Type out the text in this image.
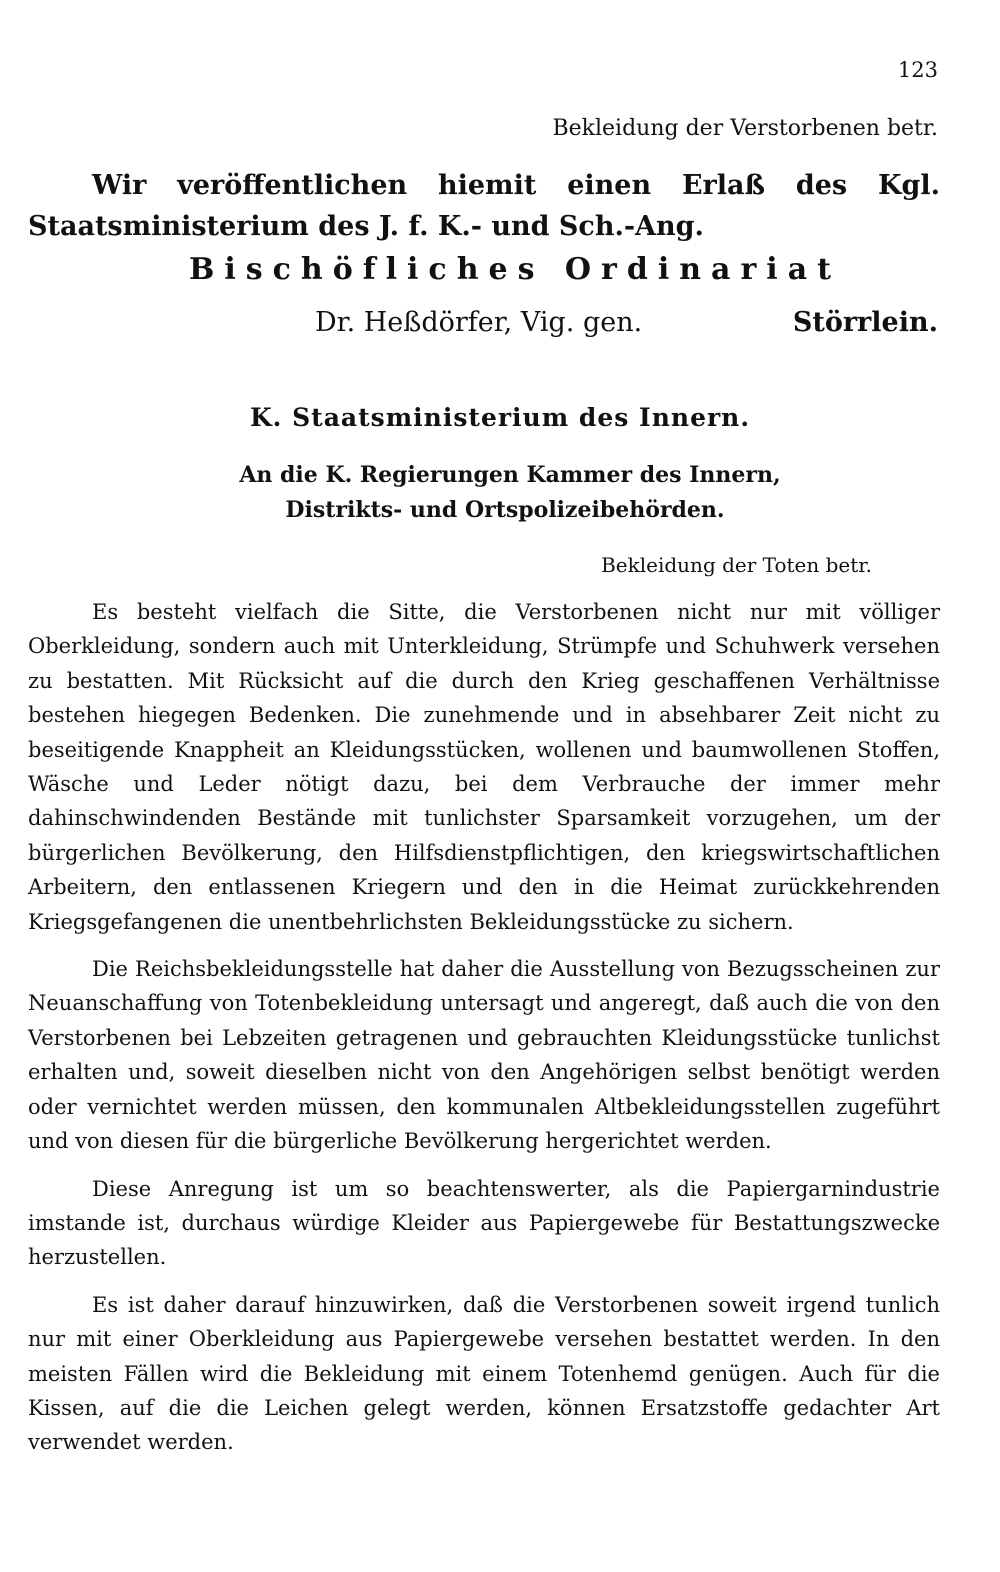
123
Bekleidung der Verstorbenen betr.
Wir veröffentlichen hiemit einen Erlaß des Kgl. Staatsministerium des J. f. K.- und Sch.-Ang.
Bischöfliches Ordinariat
Dr. Heßdörfer, Vig. gen.	Störrlein.
K. Staatsministerium des Innern.
An die K. Regierungen Kammer des Innern,
Distrikts- und Ortspolizeibehörden.
Bekleidung der Toten betr.

Es besteht vielfach die Sitte, die Verstorbenen nicht nur mit völliger Oberkleidung, sondern auch mit Unterkleidung, Strümpfe und Schuhwerk versehen zu bestatten. Mit Rücksicht auf die durch den Krieg geschaffenen Verhältnisse bestehen hiegegen Bedenken. Die zunehmende und in absehbarer Zeit nicht zu beseitigende Knappheit an Kleidungsstücken, wollenen und baumwollenen Stoffen, Wäsche und Leder nötigt dazu, bei dem Verbrauche der immer mehr dahinschwindenden Bestände mit tunlichster Sparsamkeit vorzugehen, um der bürgerlichen Bevölkerung, den Hilfsdienstpflichtigen, den kriegswirtschaftlichen Arbeitern, den entlassenen Kriegern und den in die Heimat zurückkehrenden Kriegsgefangenen die unentbehrlichsten Bekleidungsstücke zu sichern.

Die Reichsbekleidungsstelle hat daher die Ausstellung von Bezugsscheinen zur Neuanschaffung von Totenbekleidung untersagt und angeregt, daß auch die von den Verstorbenen bei Lebzeiten getragenen und gebrauchten Kleidungsstücke tunlichst erhalten und, soweit dieselben nicht von den Angehörigen selbst benötigt werden oder vernichtet werden müssen, den kommunalen Altbekleidungsstellen zugeführt und von diesen für die bürgerliche Bevölkerung hergerichtet werden.

Diese Anregung ist um so beachtenswerter, als die Papiergarnindustrie imstande ist, durchaus würdige Kleider aus Papiergewebe für Bestattungszwecke herzustellen.

Es ist daher darauf hinzuwirken, daß die Verstorbenen soweit irgend tunlich nur mit einer Oberkleidung aus Papiergewebe versehen bestattet werden. In den meisten Fällen wird die Bekleidung mit einem Totenhemd genügen. Auch für die Kissen, auf die die Leichen gelegt werden, können Ersatzstoffe gedachter Art verwendet werden.
